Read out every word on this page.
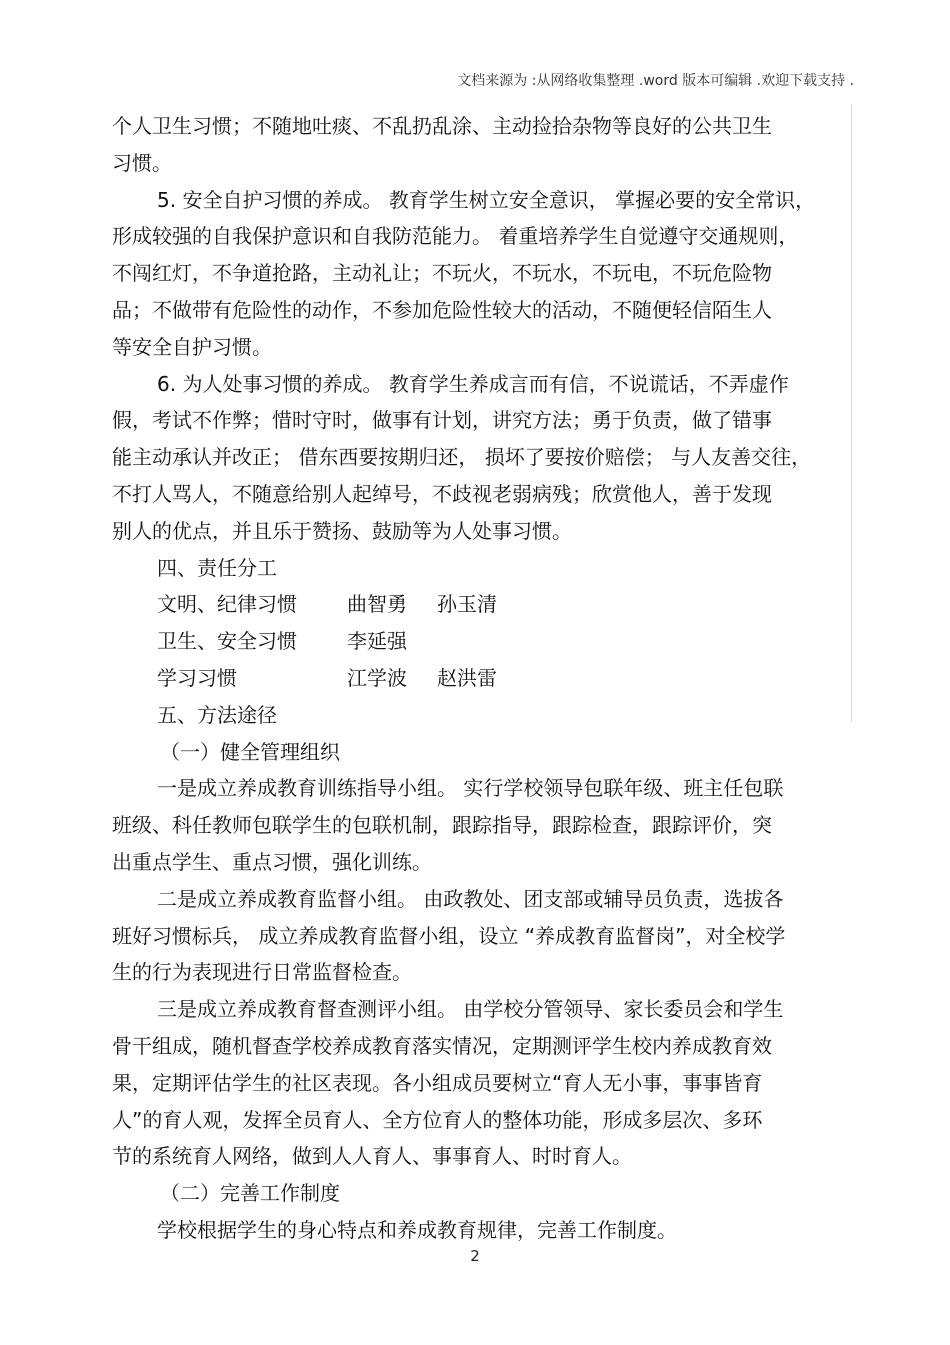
文档来源为 :从网络收集整理 .word 版本可编辑 .欢迎下载支持 .
个人卫生习惯；不随地吐痰、不乱扔乱涂、主动捡拾杂物等良好的公共卫生
习惯。
5. 安全自护习惯的养成。 教育学生树立安全意识， 掌握必要的安全常识，
形成较强的自我保护意识和自我防范能力。 着重培养学生自觉遵守交通规则，
不闯红灯，不争道抢路，主动礼让；不玩火，不玩水，不玩电，不玩危险物
品；不做带有危险性的动作，不参加危险性较大的活动，不随便轻信陌生人
等安全自护习惯。
6. 为人处事习惯的养成。 教育学生养成言而有信，不说谎话，不弄虚作
假，考试不作弊；惜时守时，做事有计划，讲究方法；勇于负责，做了错事
能主动承认并改正； 借东西要按期归还， 损坏了要按价赔偿； 与人友善交往，
不打人骂人，不随意给别人起绰号，不歧视老弱病残；欣赏他人，善于发现
别人的优点，并且乐于赞扬、鼓励等为人处事习惯。
四、责任分工
文明、纪律习惯	曲智勇	孙玉清
卫生、安全习惯	李延强
学习习惯	江学波	赵洪雷
五、方法途径
（一）健全管理组织
一是成立养成教育训练指导小组。 实行学校领导包联年级、班主任包联
班级、科任教师包联学生的包联机制，跟踪指导，跟踪检查，跟踪评价，突
出重点学生、重点习惯，强化训练。
二是成立养成教育监督小组。 由政教处、团支部或辅导员负责，选拔各
班好习惯标兵， 成立养成教育监督小组，设立 “养成教育监督岗”，对全校学
生的行为表现进行日常监督检查。
三是成立养成教育督查测评小组。 由学校分管领导、家长委员会和学生
骨干组成，随机督查学校养成教育落实情况，定期测评学生校内养成教育效
果，定期评估学生的社区表现。各小组成员要树立“育人无小事，事事皆育
人”的育人观，发挥全员育人、全方位育人的整体功能，形成多层次、多环
节的系统育人网络，做到人人育人、事事育人、时时育人。
（二）完善工作制度
学校根据学生的身心特点和养成教育规律，完善工作制度。
2
